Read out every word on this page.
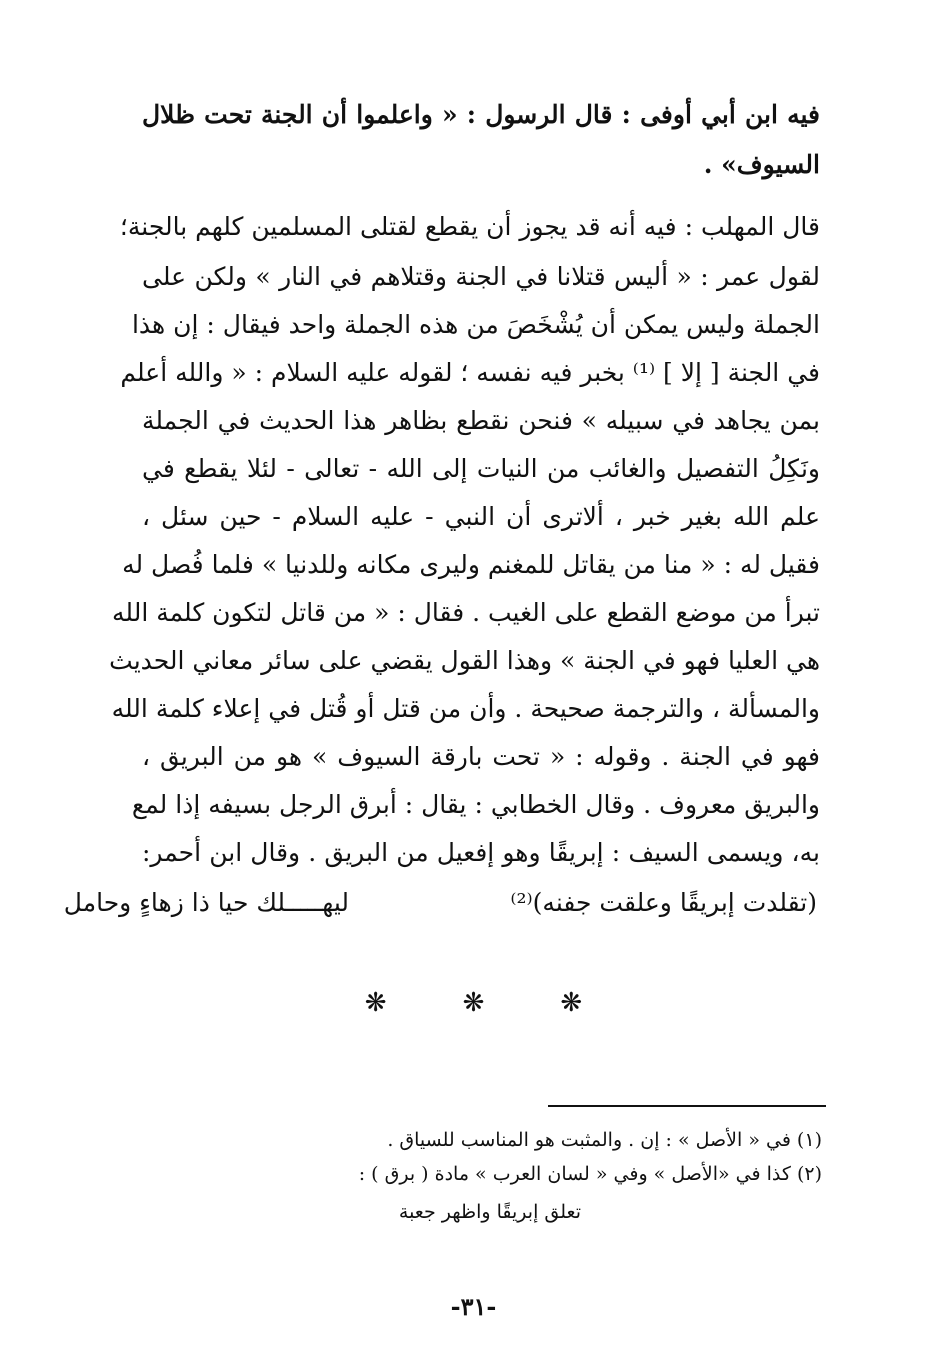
فيه ابن أبي أوفى : قال الرسول : « واعلموا أن الجنة تحت ظلال
السيوف» .
قال المهلب : فيه أنه قد يجوز أن يقطع لقتلى المسلمين كلهم بالجنة؛
لقول عمر : « أليس قتلانا في الجنة وقتلاهم في النار » ولكن على
الجملة وليس يمكن أن يُشْخَصَ من هذه الجملة واحد فيقال : إن هذا
في الجنة [ إلا ] ⁽¹⁾ بخبر فيه نفسه ؛ لقوله عليه السلام : « والله أعلم
بمن يجاهد في سبيله » فنحن نقطع بظاهر هذا الحديث في الجملة
ونَكِلُ التفصيل والغائب من النيات إلى الله - تعالى - لئلا يقطع في
علم الله بغير خبر ، ألاترى أن النبي - عليه السلام - حين سئل ،
فقيل له : « منا من يقاتل للمغنم وليرى مكانه وللدنيا » فلما فُصل له
تبرأ من موضع القطع على الغيب . فقال : « من قاتل لتكون كلمة الله
هي العليا فهو في الجنة » وهذا القول يقضي على سائر معاني الحديث
والمسألة ، والترجمة صحيحة . وأن من قتل أو قُتل في إعلاء كلمة الله
فهو في الجنة . وقوله : « تحت بارقة السيوف » هو من البريق ،
والبريق معروف . وقال الخطابي : يقال : أبرق الرجل بسيفه إذا لمع
به، ويسمى السيف : إبريقًا وهو إفعيل من البريق . وقال ابن أحمر:
(تقلدت إبريقًا وعلقت جفنه)⁽²⁾
ليهـــــلك حيا ذا زهاءٍ وحامل
❋	❋	❋
(١) في « الأصل » : إن . والمثبت هو المناسب للسياق .
(٢) كذا في «الأصل » وفي « لسان العرب » مادة ( برق ) :
تعلق إبريقًا واظهر جعبة
-٣١-
